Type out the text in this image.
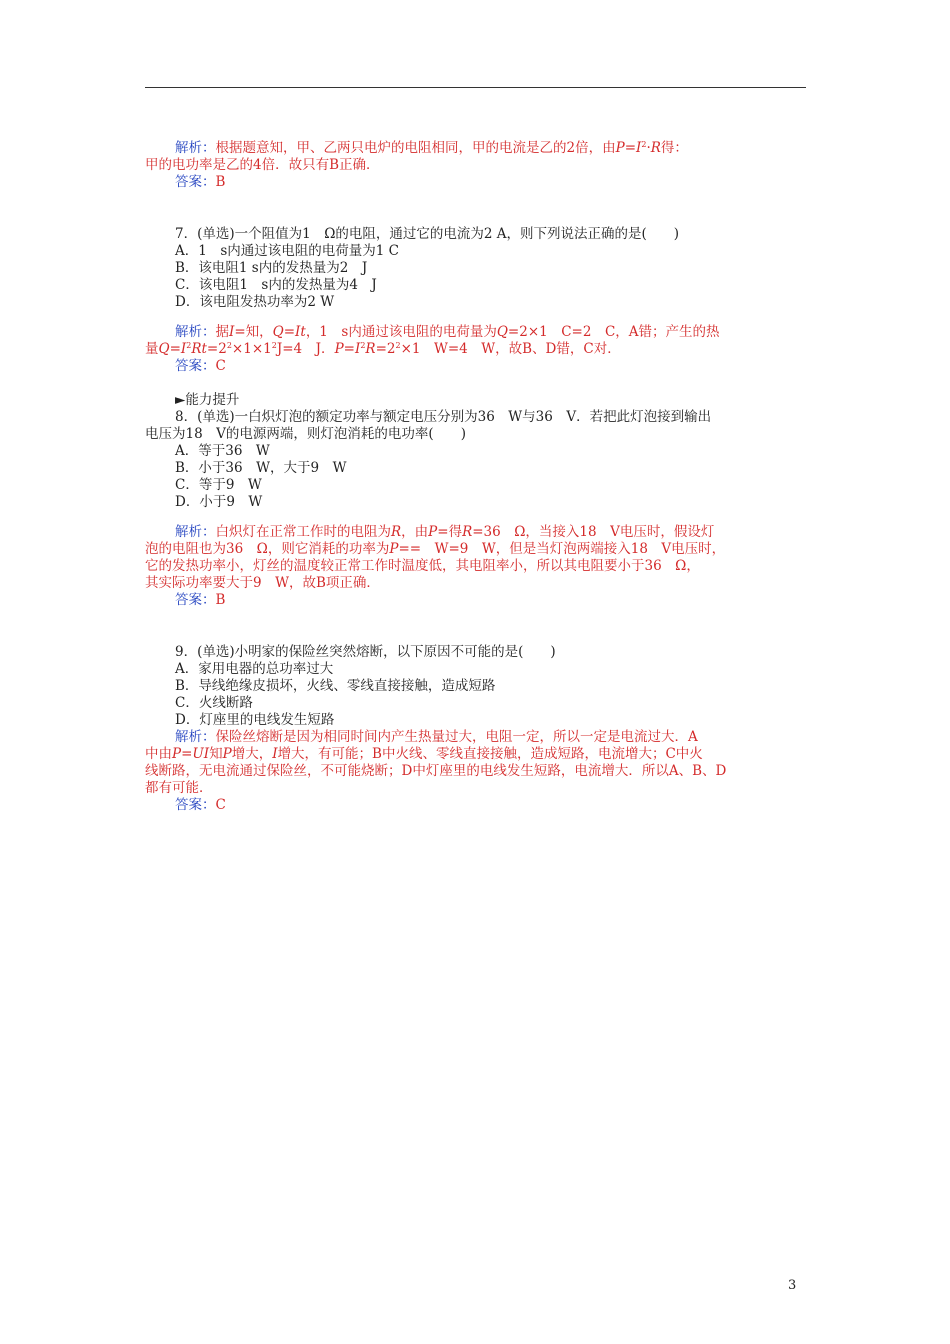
解析：根据题意知，甲、乙两只电炉的电阻相同，甲的电流是乙的2倍，由$P=I^2\cdot R$得：
甲的电功率是乙的4倍．故只有B正确．
答案：B
7．(单选)一个阻值为1　Ω的电阻，通过它的电流为2 A，则下列说法正确的是(　　)
A．1　s内通过该电阻的电荷量为1 C
B．该电阻1 s内的发热量为2　J
C．该电阻1　s内的发热量为4　J
D．该电阻发热功率为2 W
解析：据I=知，Q=It，1　s内通过该电阻的电荷量为Q=2×1　C=2　C，A错；产生的热
量$Q=I^2Rt=2^2\times 1\times 1^2J=4$　J．$P=I^2R=2^2\times 1$　W=4　W，故B、D错，C对．
答案：C
►能力提升
8．(单选)一白炽灯泡的额定功率与额定电压分别为36　W与36　V．若把此灯泡接到输出
电压为18　V的电源两端，则灯泡消耗的电功率(　　)
A．等于36　W
B．小于36　W，大于9　W
C．等于9　W
D．小于9　W
解析：白炽灯在正常工作时的电阻为R，由P=得R=36　Ω，当接入18　V电压时，假设灯
泡的电阻也为36　Ω，则它消耗的功率为P==　W=9　W，但是当灯泡两端接入18　V电压时，
它的发热功率小，灯丝的温度较正常工作时温度低，其电阻率小，所以其电阻要小于36　Ω，
其实际功率要大于9　W，故B项正确．
答案：B
9．(单选)小明家的保险丝突然熔断，以下原因不可能的是(　　)
A．家用电器的总功率过大
B．导线绝缘皮损坏，火线、零线直接接触，造成短路
C．火线断路
D．灯座里的电线发生短路
解析：保险丝熔断是因为相同时间内产生热量过大，电阻一定，所以一定是电流过大．A
中由P=UI知P增大，I增大，有可能；B中火线、零线直接接触，造成短路，电流增大；C中火
线断路，无电流通过保险丝，不可能烧断；D中灯座里的电线发生短路，电流增大．所以A、B、D
都有可能．
答案：C
3
